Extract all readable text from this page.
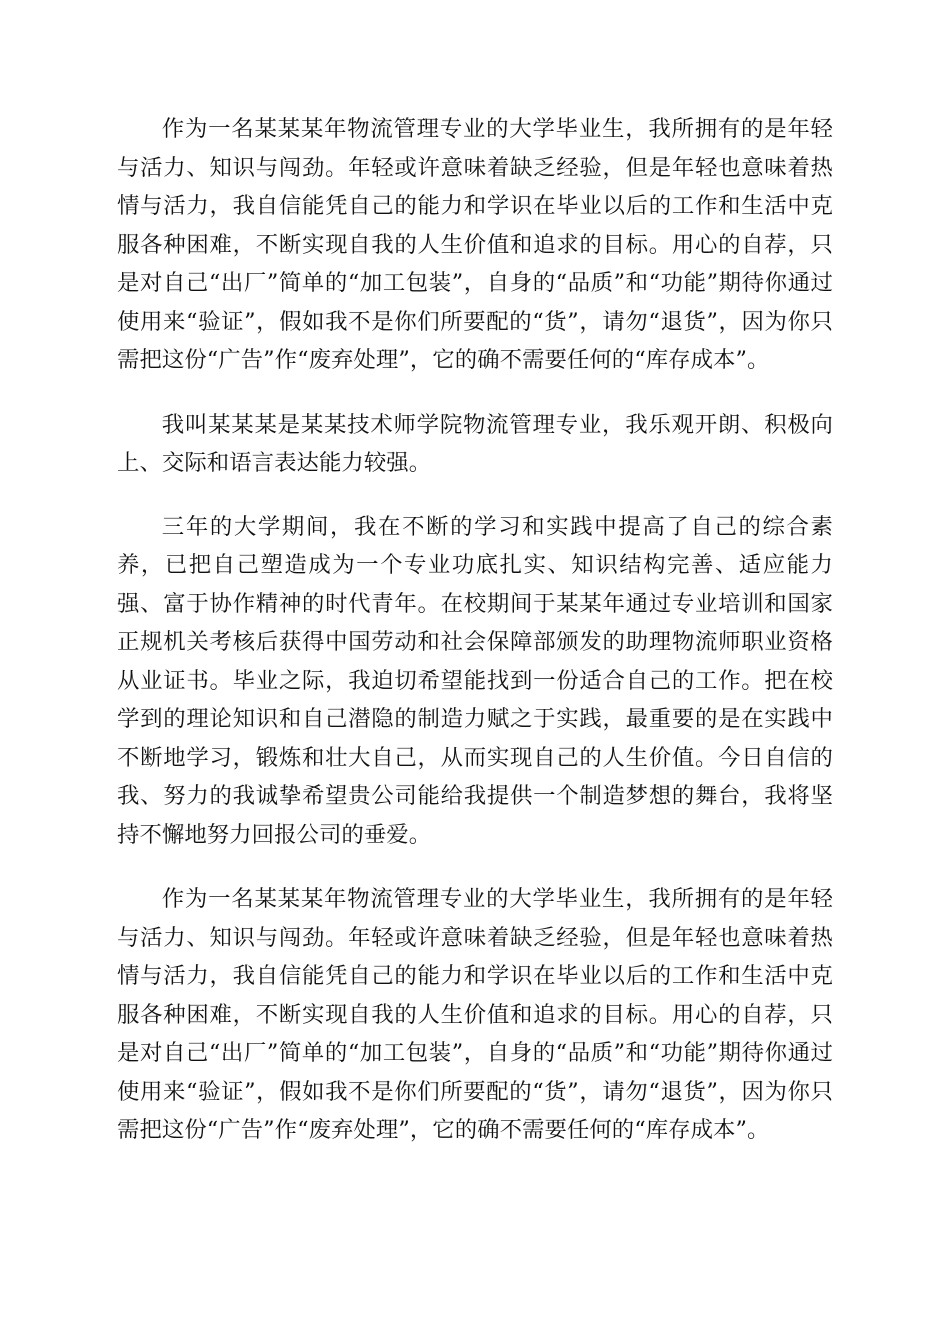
作为一名某某某年物流管理专业的大学毕业生，我所拥有的是年轻与活力、知识与闯劲。年轻或许意味着缺乏经验，但是年轻也意味着热情与活力，我自信能凭自己的能力和学识在毕业以后的工作和生活中克服各种困难，不断实现自我的人生价值和追求的目标。用心的自荐，只是对自己“出厂”简单的“加工包装”，自身的“品质”和“功能”期待你通过使用来“验证”，假如我不是你们所要配的“货”，请勿“退货”，因为你只需把这份“广告”作“废弃处理”，它的确不需要任何的“库存成本”。

我叫某某某是某某技术师学院物流管理专业，我乐观开朗、积极向上、交际和语言表达能力较强。

三年的大学期间，我在不断的学习和实践中提高了自己的综合素养，已把自己塑造成为一个专业功底扎实、知识结构完善、适应能力强、富于协作精神的时代青年。在校期间于某某年通过专业培训和国家正规机关考核后获得中国劳动和社会保障部颁发的助理物流师职业资格从业证书。毕业之际，我迫切希望能找到一份适合自己的工作。把在校学到的理论知识和自己潜隐的制造力赋之于实践，最重要的是在实践中不断地学习，锻炼和壮大自己，从而实现自己的人生价值。今日自信的我、努力的我诚挚希望贵公司能给我提供一个制造梦想的舞台，我将坚持不懈地努力回报公司的垂爱。

作为一名某某某年物流管理专业的大学毕业生，我所拥有的是年轻与活力、知识与闯劲。年轻或许意味着缺乏经验，但是年轻也意味着热情与活力，我自信能凭自己的能力和学识在毕业以后的工作和生活中克服各种困难，不断实现自我的人生价值和追求的目标。用心的自荐，只是对自己“出厂”简单的“加工包装”，自身的“品质”和“功能”期待你通过使用来“验证”，假如我不是你们所要配的“货”，请勿“退货”，因为你只需把这份“广告”作“废弃处理”，它的确不需要任何的“库存成本”。
